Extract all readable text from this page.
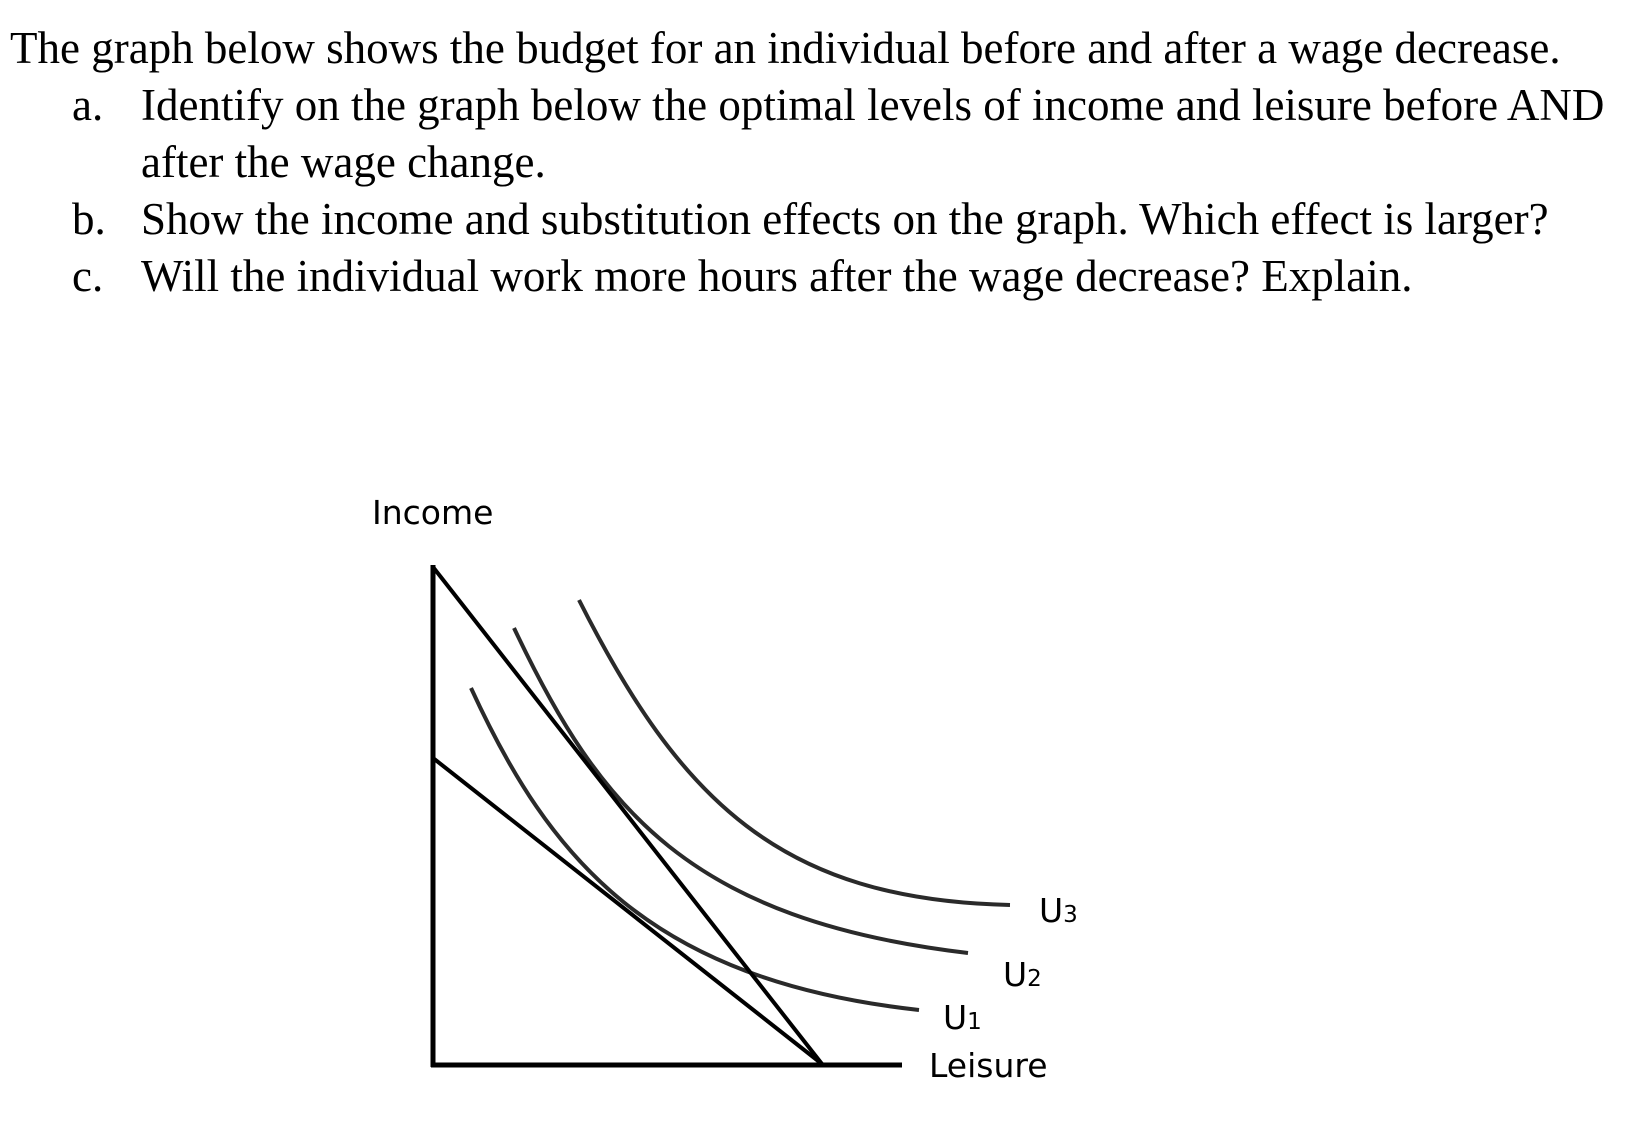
The graph below shows the budget for an individual before and after a wage decrease.

a. Identify on the graph below the optimal levels of income and leisure before AND after the wage change.
b. Show the income and substitution effects on the graph. Which effect is larger?
c. Will the individual work more hours after the wage decrease? Explain.
Income
U3
U2
U1
Leisure
